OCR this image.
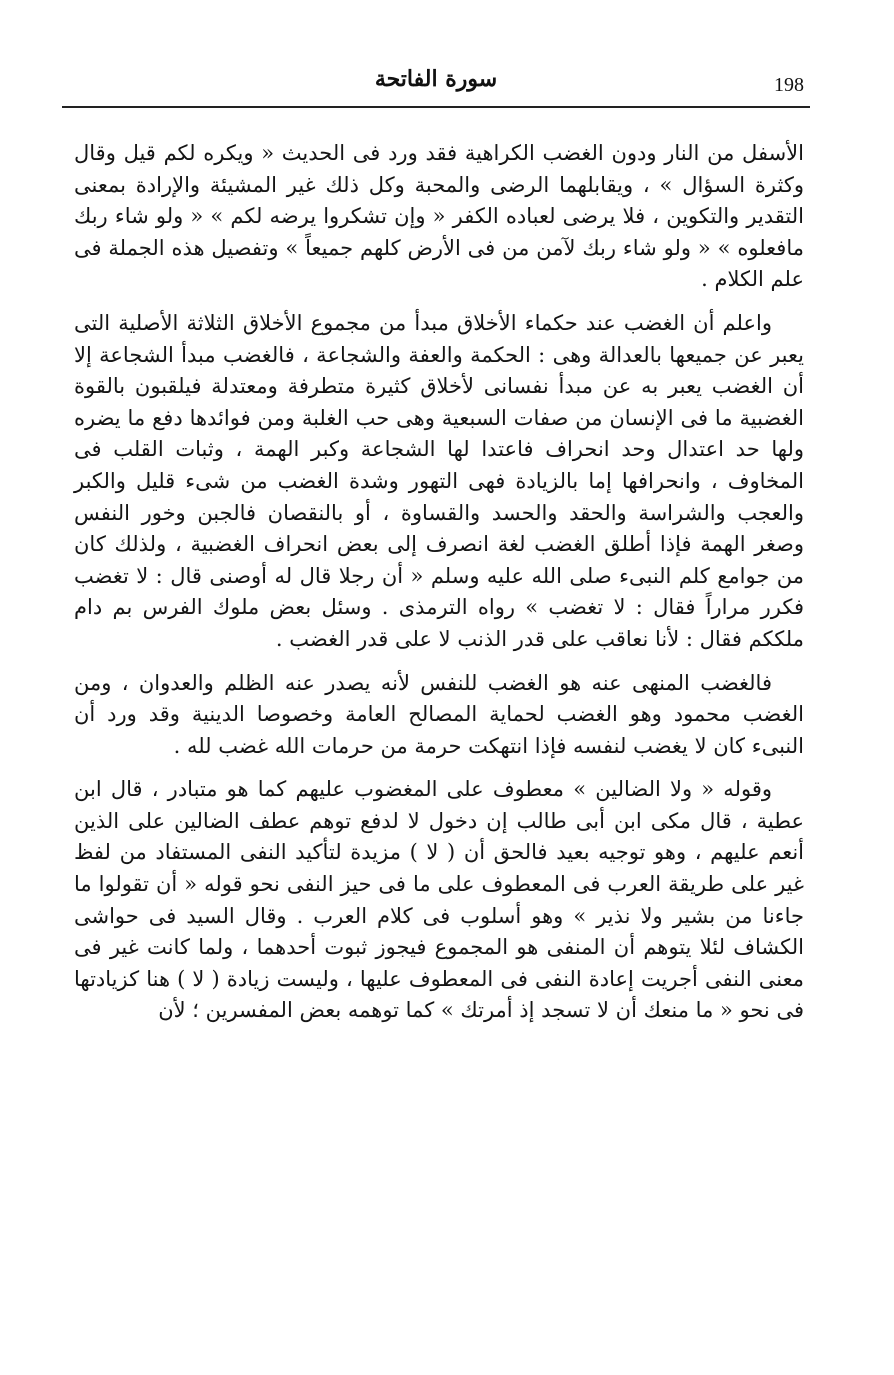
198
سورة الفاتحة

الأسفل من النار ودون الغضب الكراهية فقد ورد فى الحديث « ويكره لكم قيل وقال وكثرة السؤال » ، ويقابلهما الرضى والمحبة وكل ذلك غير المشيئة والإرادة بمعنى التقدير والتكوين ، فلا يرضى لعباده الكفر « وإن تشكروا يرضه لكم » « ولو شاء ربك مافعلوه » « ولو شاء ربك لآمن من فى الأرض كلهم جميعاً » وتفصيل هذه الجملة فى علم الكلام .

واعلم أن الغضب عند حكماء الأخلاق مبدأ من مجموع الأخلاق الثلاثة الأصلية التى يعبر عن جميعها بالعدالة وهى : الحكمة والعفة والشجاعة ، فالغضب مبدأ الشجاعة إلا أن الغضب يعبر به عن مبدأ نفسانى لأخلاق كثيرة متطرفة ومعتدلة فيلقبون بالقوة الغضبية ما فى الإنسان من صفات السبعية وهى حب الغلبة ومن فوائدها دفع ما يضره ولها حد اعتدال وحد انحراف فاعتدا لها الشجاعة وكبر الهمة ، وثبات القلب فى المخاوف ، وانحرافها إما بالزيادة فهى التهور وشدة الغضب من شىء قليل والكبر والعجب والشراسة والحقد والحسد والقساوة ، أو بالنقصان فالجبن وخور النفس وصغر الهمة فإذا أطلق الغضب لغة انصرف إلى بعض انحراف الغضبية ، ولذلك كان من جوامع كلم النبىء صلى الله عليه وسلم « أن رجلا قال له أوصنى قال : لا تغضب فكرر مراراً فقال : لا تغضب » رواه الترمذى . وسئل بعض ملوك الفرس بم دام ملككم فقال : لأنا نعاقب على قدر الذنب لا على قدر الغضب .

فالغضب المنهى عنه هو الغضب للنفس لأنه يصدر عنه الظلم والعدوان ، ومن الغضب محمود وهو الغضب لحماية المصالح العامة وخصوصا الدينية وقد ورد أن النبىء كان لا يغضب لنفسه فإذا انتهكت حرمة من حرمات الله غضب لله .

وقوله « ولا الضالين » معطوف على المغضوب عليهم كما هو متبادر ، قال ابن عطية ، قال مكى ابن أبى طالب إن دخول لا لدفع توهم عطف الضالين على الذين أنعم عليهم ، وهو توجيه بعيد فالحق أن ( لا ) مزيدة لتأكيد النفى المستفاد من لفظ غير على طريقة العرب فى المعطوف على ما فى حيز النفى نحو قوله « أن تقولوا ما جاءنا من بشير ولا نذير » وهو أسلوب فى كلام العرب . وقال السيد فى حواشى الكشاف لئلا يتوهم أن المنفى هو المجموع فيجوز ثبوت أحدهما ، ولما كانت غير فى معنى النفى أجريت إعادة النفى فى المعطوف عليها ، وليست زيادة ( لا ) هنا كزيادتها فى نحو « ما منعك أن لا تسجد إذ أمرتك » كما توهمه بعض المفسرين ؛ لأن
